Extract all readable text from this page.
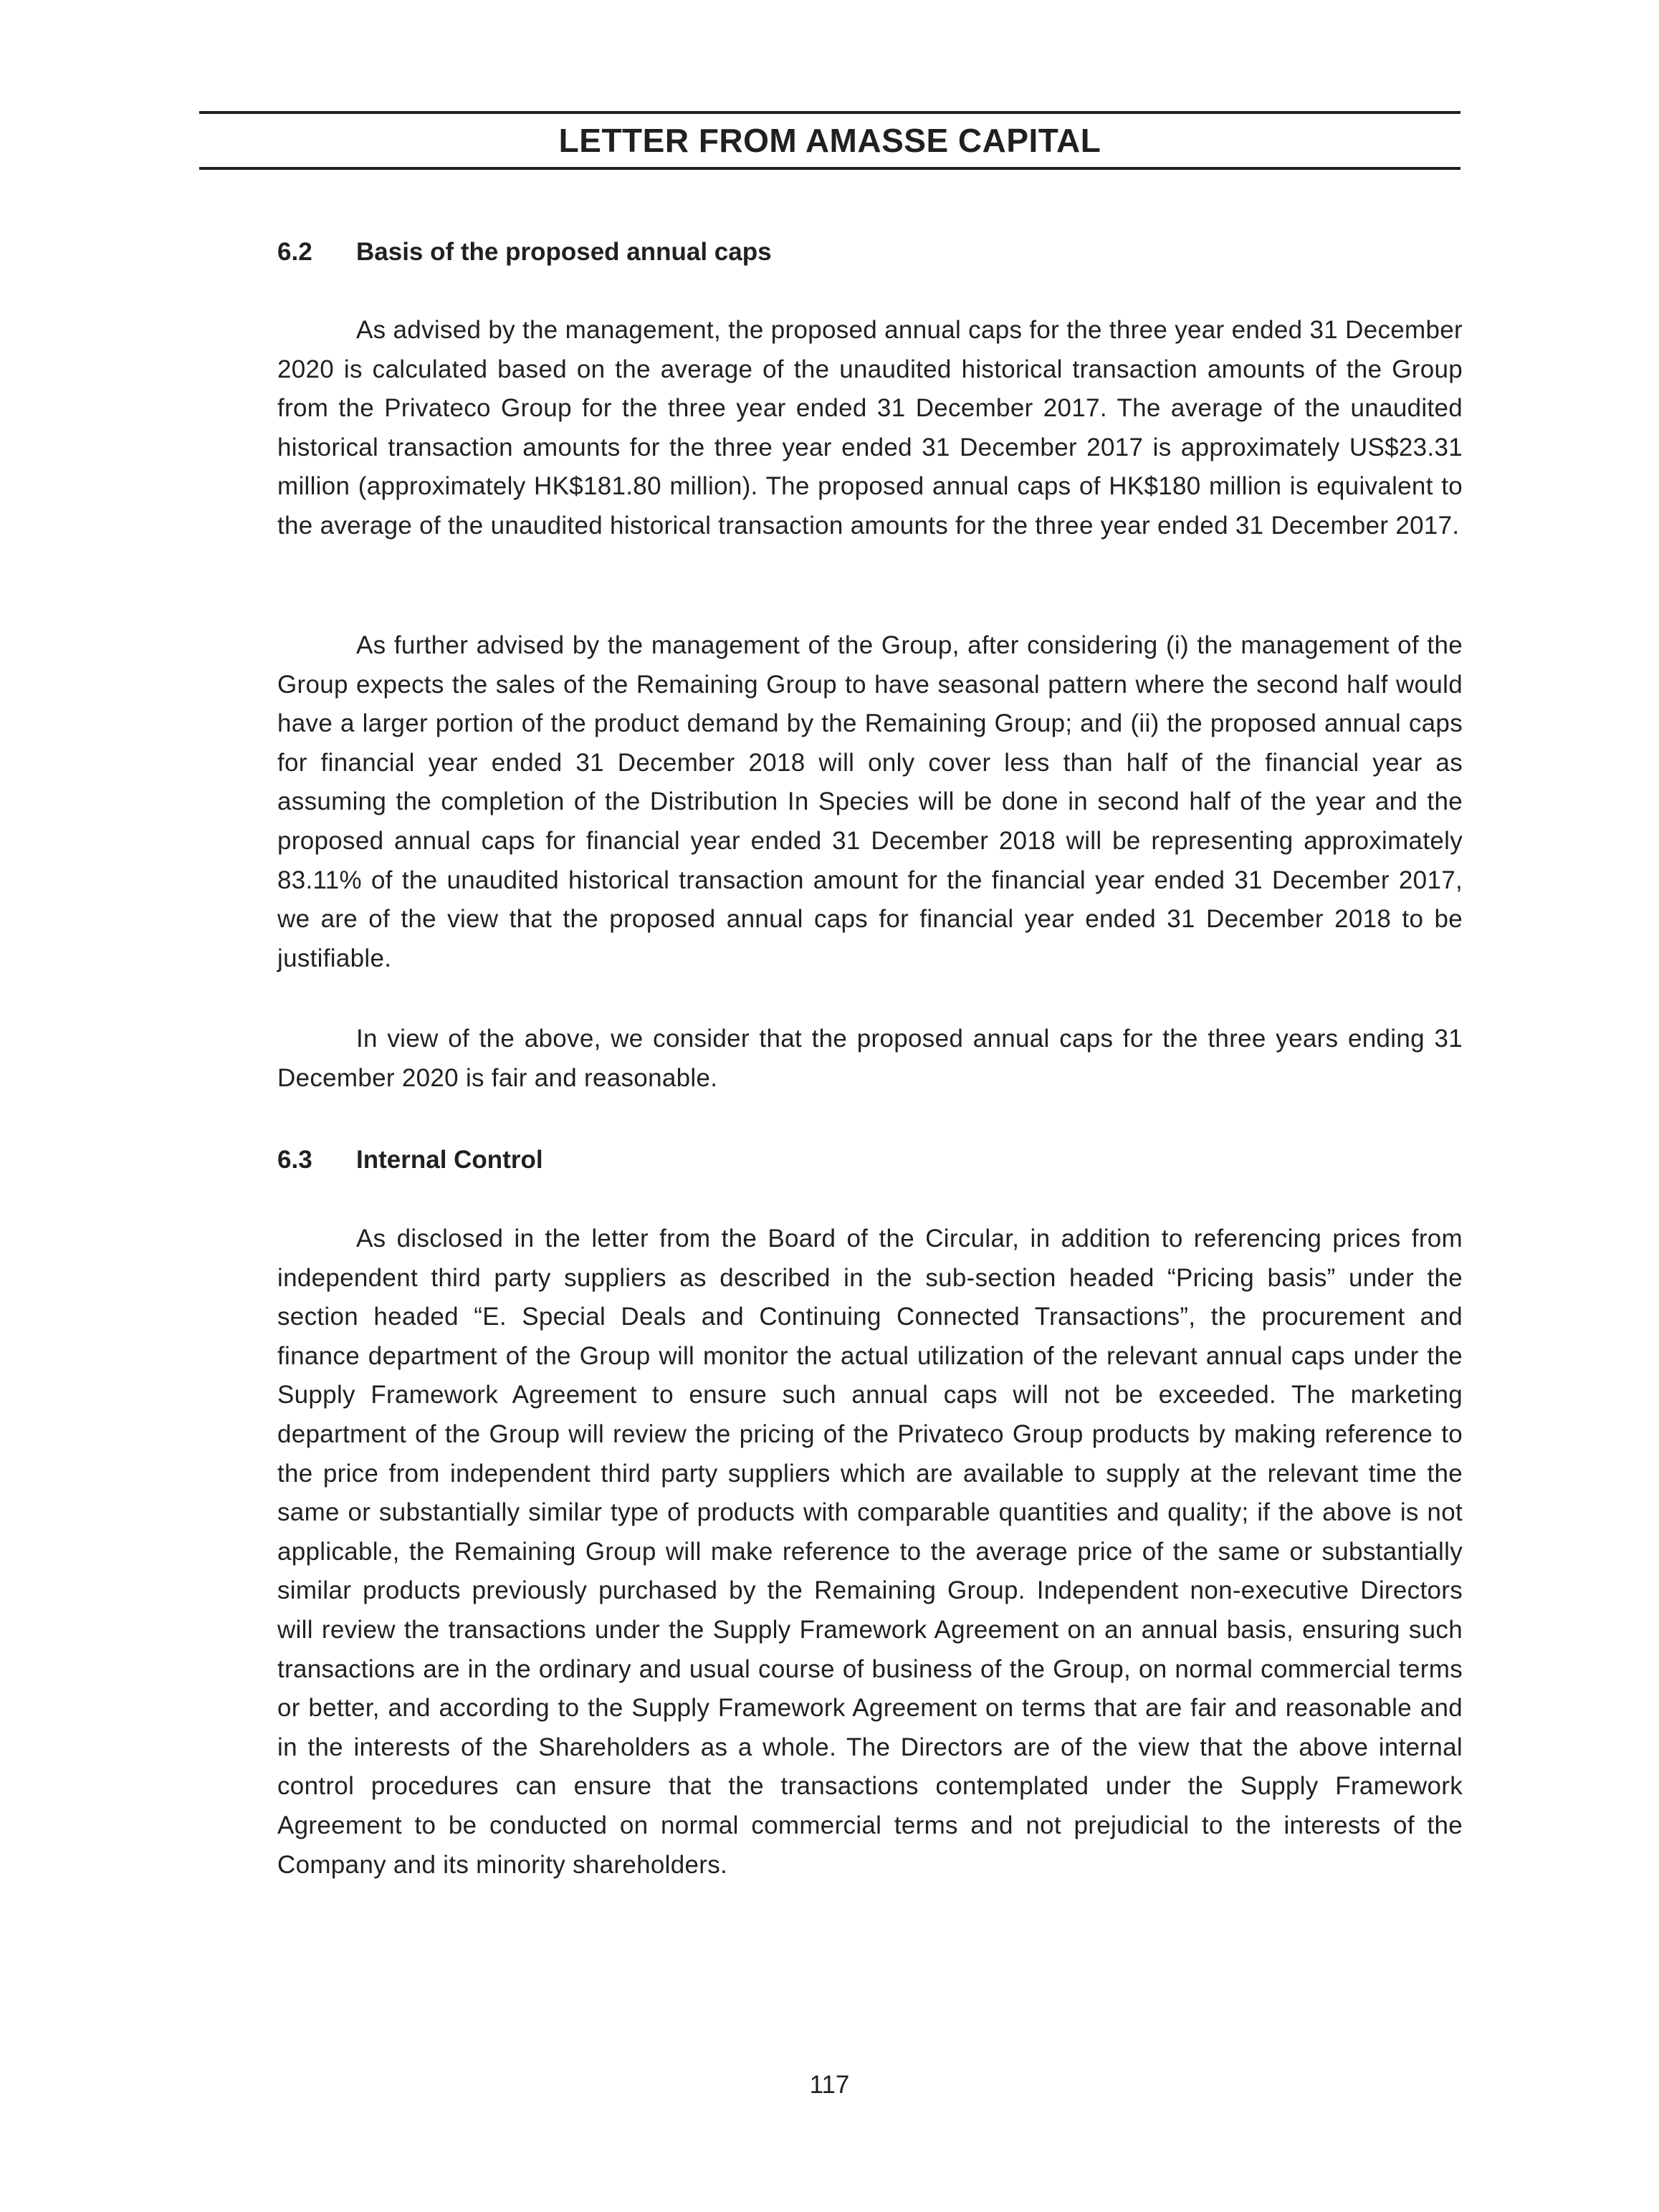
LETTER FROM AMASSE CAPITAL
6.2 Basis of the proposed annual caps

As advised by the management, the proposed annual caps for the three year ended 31 December 2020 is calculated based on the average of the unaudited historical transaction amounts of the Group from the Privateco Group for the three year ended 31 December 2017. The average of the unaudited historical transaction amounts for the three year ended 31 December 2017 is approximately US$23.31 million (approximately HK$181.80 million). The proposed annual caps of HK$180 million is equivalent to the average of the unaudited historical transaction amounts for the three year ended 31 December 2017.

As further advised by the management of the Group, after considering (i) the management of the Group expects the sales of the Remaining Group to have seasonal pattern where the second half would have a larger portion of the product demand by the Remaining Group; and (ii) the proposed annual caps for financial year ended 31 December 2018 will only cover less than half of the financial year as assuming the completion of the Distribution In Species will be done in second half of the year and the proposed annual caps for financial year ended 31 December 2018 will be representing approximately 83.11% of the unaudited historical transaction amount for the financial year ended 31 December 2017, we are of the view that the proposed annual caps for financial year ended 31 December 2018 to be justifiable.

In view of the above, we consider that the proposed annual caps for the three years ending 31 December 2020 is fair and reasonable.

6.3 Internal Control

As disclosed in the letter from the Board of the Circular, in addition to referencing prices from independent third party suppliers as described in the sub-section headed “Pricing basis” under the section headed “E. Special Deals and Continuing Connected Transactions”, the procurement and finance department of the Group will monitor the actual utilization of the relevant annual caps under the Supply Framework Agreement to ensure such annual caps will not be exceeded. The marketing department of the Group will review the pricing of the Privateco Group products by making reference to the price from independent third party suppliers which are available to supply at the relevant time the same or substantially similar type of products with comparable quantities and quality; if the above is not applicable, the Remaining Group will make reference to the average price of the same or substantially similar products previously purchased by the Remaining Group. Independent non-executive Directors will review the transactions under the Supply Framework Agreement on an annual basis, ensuring such transactions are in the ordinary and usual course of business of the Group, on normal commercial terms or better, and according to the Supply Framework Agreement on terms that are fair and reasonable and in the interests of the Shareholders as a whole. The Directors are of the view that the above internal control procedures can ensure that the transactions contemplated under the Supply Framework Agreement to be conducted on normal commercial terms and not prejudicial to the interests of the Company and its minority shareholders.

117
